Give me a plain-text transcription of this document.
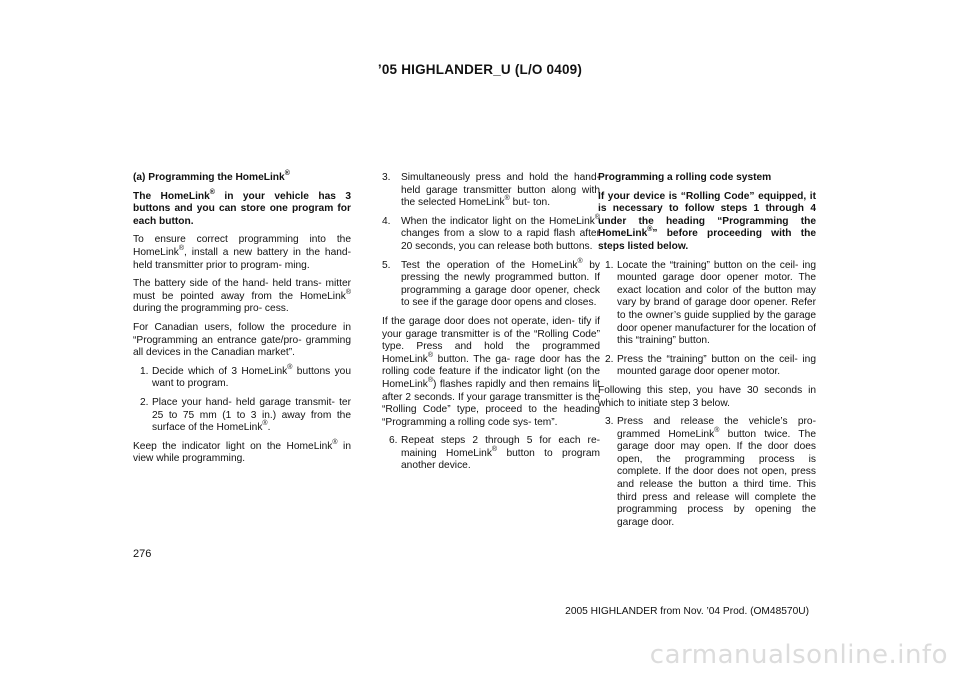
’05 HIGHLANDER_U (L/O 0409)

(a) Programming the HomeLink®

The HomeLink® in your vehicle has 3 buttons and you can store one program for each button.

To ensure correct programming into the HomeLink®, install a new battery in the hand- held transmitter prior to program- ming.

The battery side of the hand- held trans- mitter must be pointed away from the HomeLink® during the programming pro- cess.

For Canadian users, follow the procedure in “Programming an entrance gate/pro- gramming all devices in the Canadian market”.

1. Decide which of 3 HomeLink® buttons you want to program.
2. Place your hand- held garage transmit- ter 25 to 75 mm (1 to 3 in.) away from the surface of the HomeLink®.

Keep the indicator light on the HomeLink® in view while programming.

3.	Simultaneously press and hold the hand- held garage transmitter button along with the selected HomeLink® but- ton.
4.	When the indicator light on the HomeLink® changes from a slow to a rapid flash after 20 seconds, you can release both buttons.
5.	Test the operation of the HomeLink® by pressing the newly programmed button. If programming a garage door opener, check to see if the garage door opens and closes.

If the garage door does not operate, iden- tify if your garage transmitter is of the “Rolling Code” type. Press and hold the programmed HomeLink® button. The ga- rage door has the rolling code feature if the indicator light (on the HomeLink®) flashes rapidly and then remains lit after 2 seconds. If your garage transmitter is the “Rolling Code” type, proceed to the heading “Programming a rolling code sys- tem”.

6. Repeat steps 2 through 5 for each re- maining HomeLink® button to program another device.

Programming a rolling code system

If your device is “Rolling Code” equipped, it is necessary to follow steps 1 through 4 under the heading “Programming the HomeLink®” before proceeding with the steps listed below.

1. Locate the “training” button on the ceil- ing mounted garage door opener motor. The exact location and color of the button may vary by brand of garage door opener. Refer to the owner’s guide supplied by the garage door opener manufacturer for the location of this “training” button.
2. Press the “training” button on the ceil- ing mounted garage door opener motor.

Following this step, you have 30 seconds in which to initiate step 3 below.

3. Press and release the vehicle’s pro- grammed HomeLink® button twice. The garage door may open. If the door does open, the programming process is complete. If the door does not open, press and release the button a third time. This third press and release will complete the programming process by opening the garage door.
276
2005 HIGHLANDER from Nov. ’04 Prod. (OM48570U)
carmanualsonline.info
